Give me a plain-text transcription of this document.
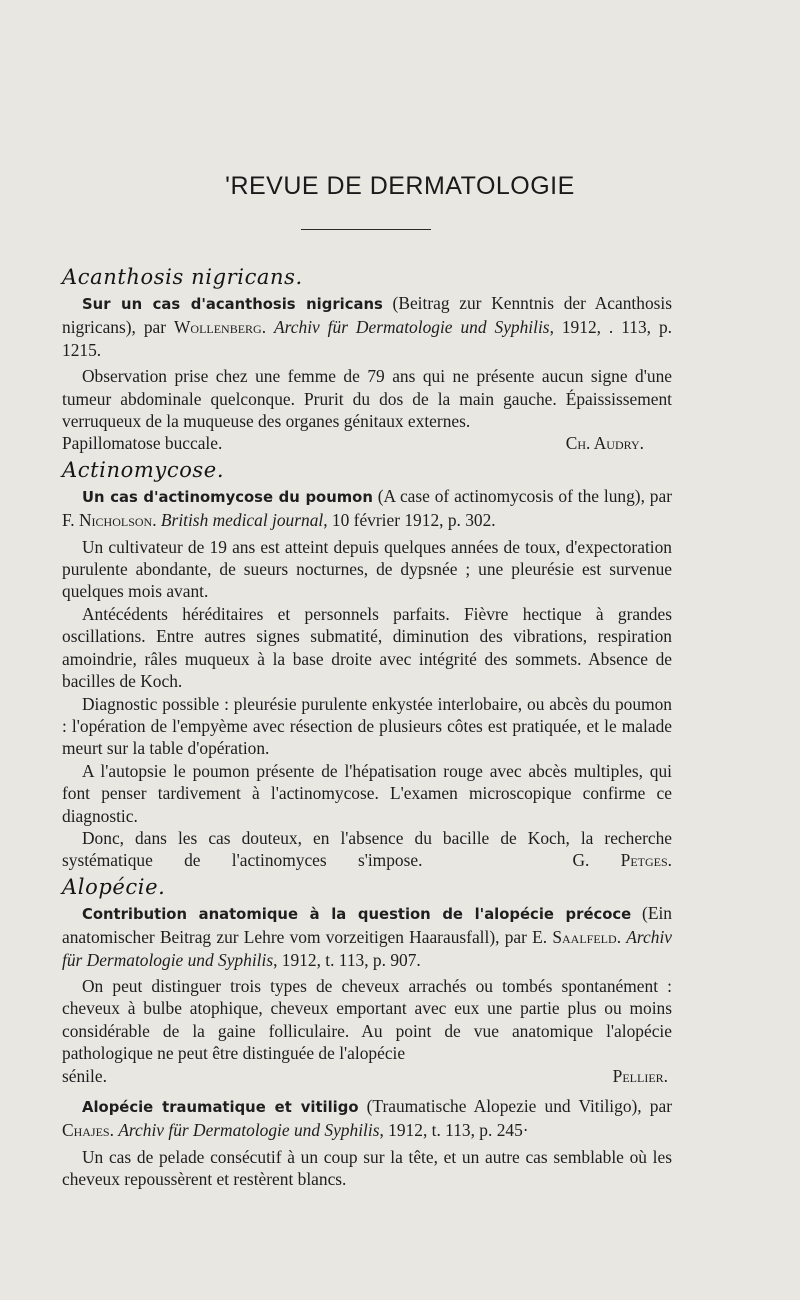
'REVUE DE DERMATOLOGIE
Acanthosis nigricans.

Sur un cas d'acanthosis nigricans (Beitrag zur Kenntnis der Acanthosis nigricans), par Wollenberg. Archiv für Dermatologie und Syphilis, 1912, . 113, p. 1215.

Observation prise chez une femme de 79 ans qui ne présente aucun signe d'une tumeur abdominale quelconque. Prurit du dos de la main gauche. Épaississement verruqueux de la muqueuse des organes génitaux externes.

Papillomatose buccale.	Ch. Audry.

Actinomycose.

Un cas d'actinomycose du poumon (A case of actinomycosis of the lung), par F. Nicholson. British medical journal, 10 février 1912, p. 302.

Un cultivateur de 19 ans est atteint depuis quelques années de toux, d'expectoration purulente abondante, de sueurs nocturnes, de dypsnée ; une pleurésie est survenue quelques mois avant.

Antécédents héréditaires et personnels parfaits. Fièvre hectique à grandes oscillations. Entre autres signes submatité, diminution des vibrations, respiration amoindrie, râles muqueux à la base droite avec intégrité des sommets. Absence de bacilles de Koch.

Diagnostic possible : pleurésie purulente enkystée interlobaire, ou abcès du poumon : l'opération de l'empyème avec résection de plusieurs côtes est pratiquée, et le malade meurt sur la table d'opération.

A l'autopsie le poumon présente de l'hépatisation rouge avec abcès multiples, qui font penser tardivement à l'actinomycose. L'examen microscopique confirme ce diagnostic.

Donc, dans les cas douteux, en l'absence du bacille de Koch, la recherche systématique de l'actinomyces s'impose.	G. Petges.

Alopécie.

Contribution anatomique à la question de l'alopécie précoce (Ein anatomischer Beitrag zur Lehre vom vorzeitigen Haarausfall), par E. Saalfeld. Archiv für Dermatologie und Syphilis, 1912, t. 113, p. 907.

On peut distinguer trois types de cheveux arrachés ou tombés spontanément : cheveux à bulbe atophique, cheveux emportant avec eux une partie plus ou moins considérable de la gaine folliculaire. Au point de vue anatomique l'alopécie pathologique ne peut être distinguée de l'alopécie

sénile.	Pellier.

Alopécie traumatique et vitiligo (Traumatische Alopezie und Vitiligo), par Chajes. Archiv für Dermatologie und Syphilis, 1912, t. 113, p. 245·

Un cas de pelade consécutif à un coup sur la tête, et un autre cas semblable où les cheveux repoussèrent et restèrent blancs.
